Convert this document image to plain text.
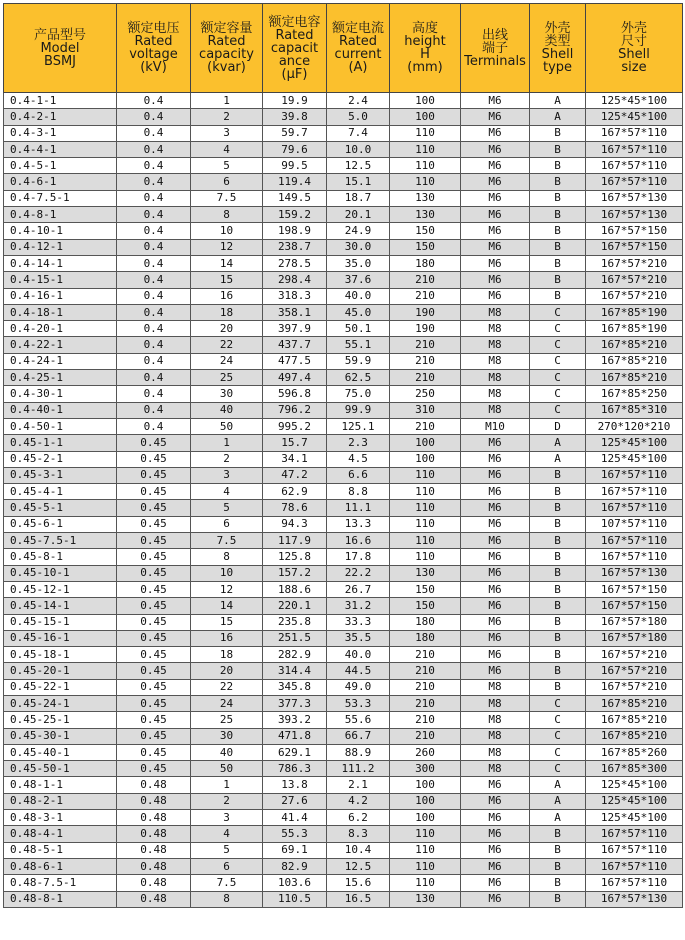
产品型号
Model
BSMJ	额定电压
Rated
voltage
(kV)	额定容量
Rated
capacity
(kvar)	额定电容
Rated
capacit
ance
(μF)	额定电流
Rated
current
(A)	高度
height
H
(mm)	出线
端子
Terminals	外壳
类型
Shell
type	外壳
尺寸
Shell
size

0.4-1-1	0.4	1	19.9	2.4	100	M6	A	125*45*100
0.4-2-1	0.4	2	39.8	5.0	100	M6	A	125*45*100
0.4-3-1	0.4	3	59.7	7.4	110	M6	B	167*57*110
0.4-4-1	0.4	4	79.6	10.0	110	M6	B	167*57*110
0.4-5-1	0.4	5	99.5	12.5	110	M6	B	167*57*110
0.4-6-1	0.4	6	119.4	15.1	110	M6	B	167*57*110
0.4-7.5-1	0.4	7.5	149.5	18.7	130	M6	B	167*57*130
0.4-8-1	0.4	8	159.2	20.1	130	M6	B	167*57*130
0.4-10-1	0.4	10	198.9	24.9	150	M6	B	167*57*150
0.4-12-1	0.4	12	238.7	30.0	150	M6	B	167*57*150
0.4-14-1	0.4	14	278.5	35.0	180	M6	B	167*57*210
0.4-15-1	0.4	15	298.4	37.6	210	M6	B	167*57*210
0.4-16-1	0.4	16	318.3	40.0	210	M6	B	167*57*210
0.4-18-1	0.4	18	358.1	45.0	190	M8	C	167*85*190
0.4-20-1	0.4	20	397.9	50.1	190	M8	C	167*85*190
0.4-22-1	0.4	22	437.7	55.1	210	M8	C	167*85*210
0.4-24-1	0.4	24	477.5	59.9	210	M8	C	167*85*210
0.4-25-1	0.4	25	497.4	62.5	210	M8	C	167*85*210
0.4-30-1	0.4	30	596.8	75.0	250	M8	C	167*85*250
0.4-40-1	0.4	40	796.2	99.9	310	M8	C	167*85*310
0.4-50-1	0.4	50	995.2	125.1	210	M10	D	270*120*210
0.45-1-1	0.45	1	15.7	2.3	100	M6	A	125*45*100
0.45-2-1	0.45	2	34.1	4.5	100	M6	A	125*45*100
0.45-3-1	0.45	3	47.2	6.6	110	M6	B	167*57*110
0.45-4-1	0.45	4	62.9	8.8	110	M6	B	167*57*110
0.45-5-1	0.45	5	78.6	11.1	110	M6	B	167*57*110
0.45-6-1	0.45	6	94.3	13.3	110	M6	B	107*57*110
0.45-7.5-1	0.45	7.5	117.9	16.6	110	M6	B	167*57*110
0.45-8-1	0.45	8	125.8	17.8	110	M6	B	167*57*110
0.45-10-1	0.45	10	157.2	22.2	130	M6	B	167*57*130
0.45-12-1	0.45	12	188.6	26.7	150	M6	B	167*57*150
0.45-14-1	0.45	14	220.1	31.2	150	M6	B	167*57*150
0.45-15-1	0.45	15	235.8	33.3	180	M6	B	167*57*180
0.45-16-1	0.45	16	251.5	35.5	180	M6	B	167*57*180
0.45-18-1	0.45	18	282.9	40.0	210	M6	B	167*57*210
0.45-20-1	0.45	20	314.4	44.5	210	M6	B	167*57*210
0.45-22-1	0.45	22	345.8	49.0	210	M8	B	167*57*210
0.45-24-1	0.45	24	377.3	53.3	210	M8	C	167*85*210
0.45-25-1	0.45	25	393.2	55.6	210	M8	C	167*85*210
0.45-30-1	0.45	30	471.8	66.7	210	M8	C	167*85*210
0.45-40-1	0.45	40	629.1	88.9	260	M8	C	167*85*260
0.45-50-1	0.45	50	786.3	111.2	300	M8	C	167*85*300
0.48-1-1	0.48	1	13.8	2.1	100	M6	A	125*45*100
0.48-2-1	0.48	2	27.6	4.2	100	M6	A	125*45*100
0.48-3-1	0.48	3	41.4	6.2	100	M6	A	125*45*100
0.48-4-1	0.48	4	55.3	8.3	110	M6	B	167*57*110
0.48-5-1	0.48	5	69.1	10.4	110	M6	B	167*57*110
0.48-6-1	0.48	6	82.9	12.5	110	M6	B	167*57*110
0.48-7.5-1	0.48	7.5	103.6	15.6	110	M6	B	167*57*110
0.48-8-1	0.48	8	110.5	16.5	130	M6	B	167*57*130
